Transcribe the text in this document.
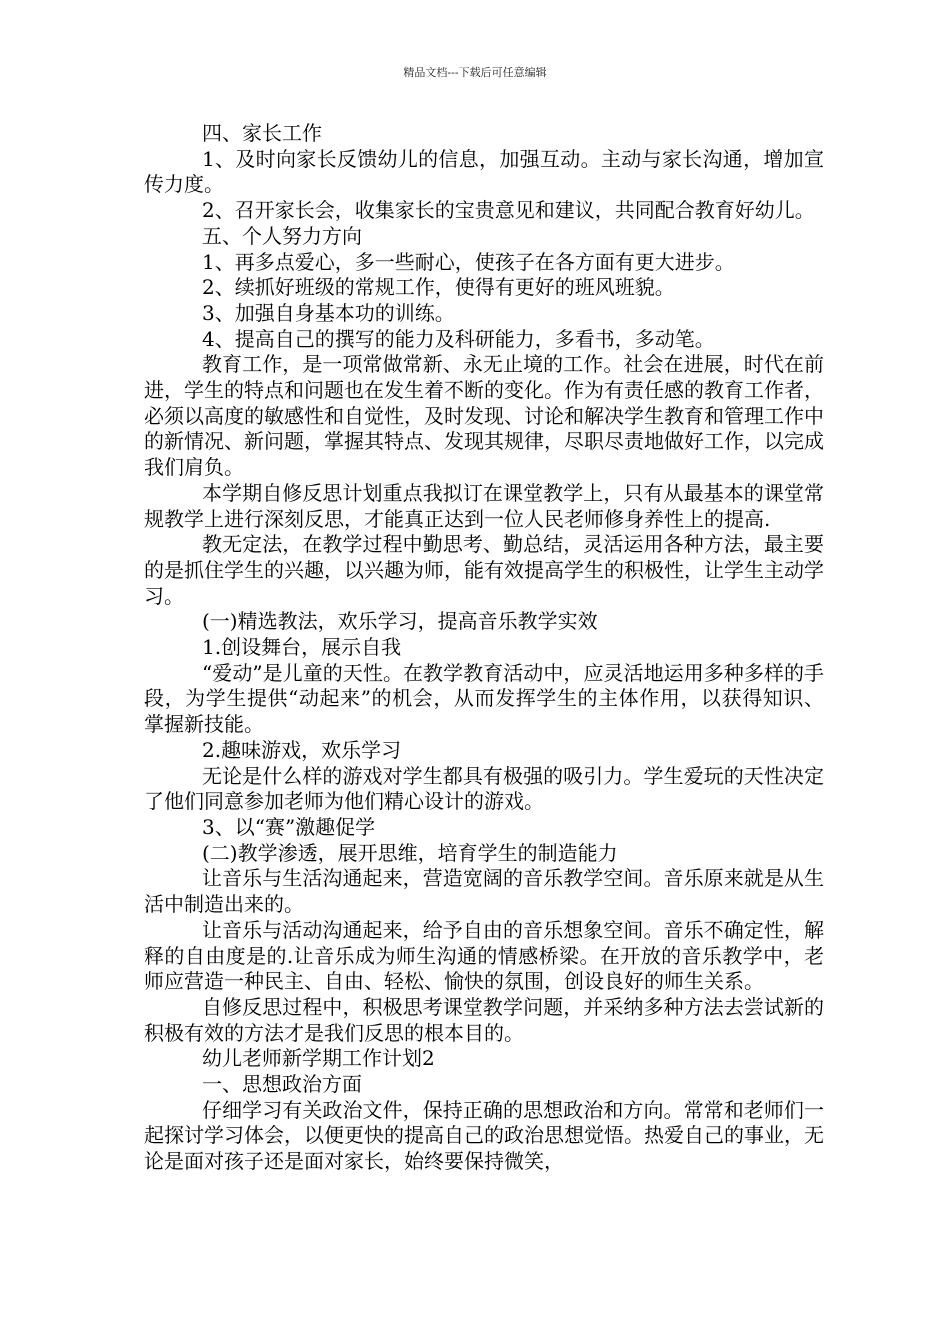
精品文档---下载后可任意编辑

四、家长工作

1、及时向家长反馈幼儿的信息，加强互动。主动与家长沟通，增加宣传力度。

2、召开家长会，收集家长的宝贵意见和建议，共同配合教育好幼儿。

五、个人努力方向

1、再多点爱心，多一些耐心，使孩子在各方面有更大进步。

2、续抓好班级的常规工作，使得有更好的班风班貌。

3、加强自身基本功的训练。

4、提高自己的撰写的能力及科研能力，多看书，多动笔。

教育工作，是一项常做常新、永无止境的工作。社会在进展，时代在前进，学生的特点和问题也在发生着不断的变化。作为有责任感的教育工作者，必须以高度的敏感性和自觉性，及时发现、讨论和解决学生教育和管理工作中的新情况、新问题，掌握其特点、发现其规律，尽职尽责地做好工作，以完成我们肩负。

本学期自修反思计划重点我拟订在课堂教学上，只有从最基本的课堂常规教学上进行深刻反思，才能真正达到一位人民老师修身养性上的提高.

教无定法，在教学过程中勤思考、勤总结，灵活运用各种方法，最主要的是抓住学生的兴趣，以兴趣为师，能有效提高学生的积极性，让学生主动学习。

(一)精选教法，欢乐学习，提高音乐教学实效

1.创设舞台，展示自我

“爱动”是儿童的天性。在教学教育活动中，应灵活地运用多种多样的手段，为学生提供“动起来”的机会，从而发挥学生的主体作用，以获得知识、掌握新技能。

2.趣味游戏，欢乐学习

无论是什么样的游戏对学生都具有极强的吸引力。学生爱玩的天性决定了他们同意参加老师为他们精心设计的游戏。

3、以“赛”激趣促学

(二)教学渗透，展开思维，培育学生的制造能力

让音乐与生活沟通起来，营造宽阔的音乐教学空间。音乐原来就是从生活中制造出来的。

让音乐与活动沟通起来，给予自由的音乐想象空间。音乐不确定性，解释的自由度是的.让音乐成为师生沟通的情感桥梁。在开放的音乐教学中，老师应营造一种民主、自由、轻松、愉快的氛围，创设良好的师生关系。

自修反思过程中，积极思考课堂教学问题，并采纳多种方法去尝试新的积极有效的方法才是我们反思的根本目的。

幼儿老师新学期工作计划2

一、思想政治方面

仔细学习有关政治文件，保持正确的思想政治和方向。常常和老师们一起探讨学习体会，以便更快的提高自己的政治思想觉悟。热爱自己的事业，无论是面对孩子还是面对家长，始终要保持微笑，
